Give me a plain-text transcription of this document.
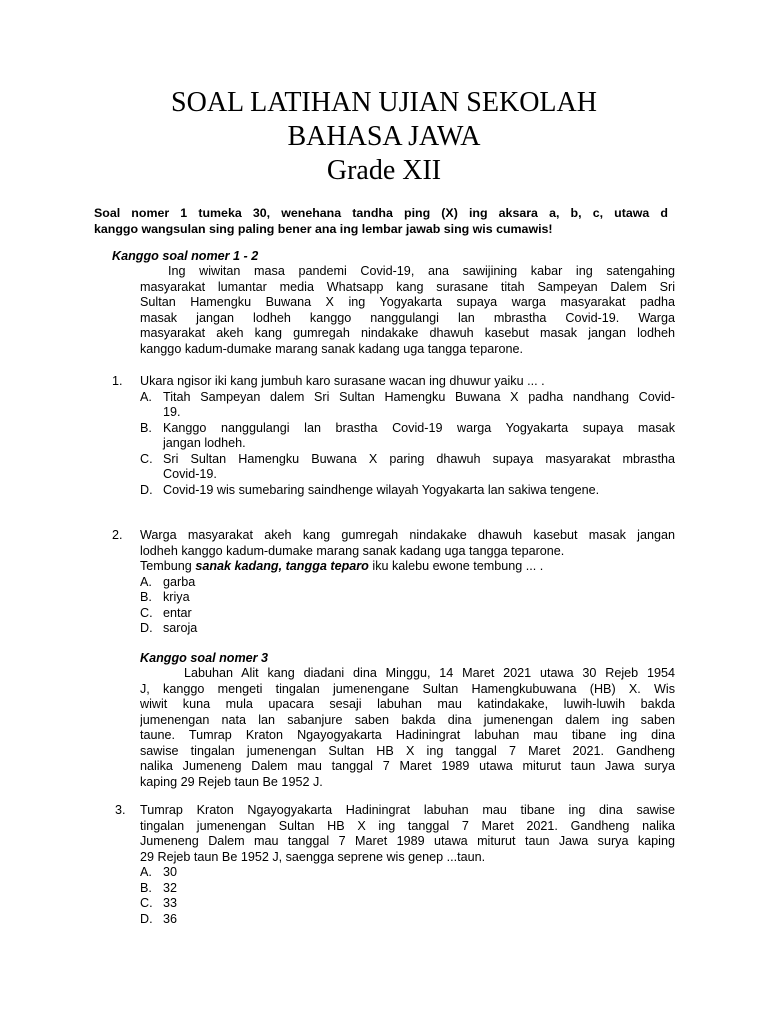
SOAL LATIHAN UJIAN SEKOLAH
BAHASA JAWA
Grade XII
Soal nomer 1 tumeka 30, wenehana tandha ping (X) ing aksara a, b, c, utawa d
kanggo wangsulan sing paling bener ana ing lembar jawab sing wis cumawis!
Kanggo soal nomer 1 - 2
Ing wiwitan masa pandemi Covid-19, ana sawijining kabar ing satengahing
masyarakat lumantar media Whatsapp kang surasane titah Sampeyan Dalem Sri
Sultan Hamengku Buwana X ing Yogyakarta supaya warga masyarakat padha
masak jangan lodheh kanggo nanggulangi lan mbrastha Covid-19. Warga
masyarakat akeh kang gumregah nindakake dhawuh kasebut masak jangan lodheh
kanggo kadum-dumake marang sanak kadang uga tangga teparone.
1. Ukara ngisor iki kang jumbuh karo surasane wacan ing dhuwur yaiku ... .
A. Titah Sampeyan dalem Sri Sultan Hamengku Buwana X padha nandhang Covid-
19.
B. Kanggo nanggulangi lan brastha Covid-19 warga Yogyakarta supaya masak
jangan lodheh.
C. Sri Sultan Hamengku Buwana X paring dhawuh supaya masyarakat mbrastha
Covid-19.
D. Covid-19 wis sumebaring saindhenge wilayah Yogyakarta lan sakiwa tengene.
2. Warga masyarakat akeh kang gumregah nindakake dhawuh kasebut masak jangan
lodheh kanggo kadum-dumake marang sanak kadang uga tangga teparone.
Tembung sanak kadang, tangga teparo iku kalebu ewone tembung ... .
A. garba
B. kriya
C. entar
D. saroja
Kanggo soal nomer 3
Labuhan Alit kang diadani dina Minggu, 14 Maret 2021 utawa 30 Rejeb 1954
J, kanggo mengeti tingalan jumenengane Sultan Hamengkubuwana (HB) X. Wis
wiwit kuna mula upacara sesaji labuhan mau katindakake, luwih-luwih bakda
jumenengan nata lan sabanjure saben bakda dina jumenengan dalem ing saben
taune. Tumrap Kraton Ngayogyakarta Hadiningrat labuhan mau tibane ing dina
sawise tingalan jumenengan Sultan HB X ing tanggal 7 Maret 2021. Gandheng
nalika Jumeneng Dalem mau tanggal 7 Maret 1989 utawa miturut taun Jawa surya
kaping 29 Rejeb taun Be 1952 J.
3. Tumrap Kraton Ngayogyakarta Hadiningrat labuhan mau tibane ing dina sawise
tingalan jumenengan Sultan HB X ing tanggal 7 Maret 2021. Gandheng nalika
Jumeneng Dalem mau tanggal 7 Maret 1989 utawa miturut taun Jawa surya kaping
29 Rejeb taun Be 1952 J, saengga seprene wis genep ...taun.
A. 30
B. 32
C. 33
D. 36
